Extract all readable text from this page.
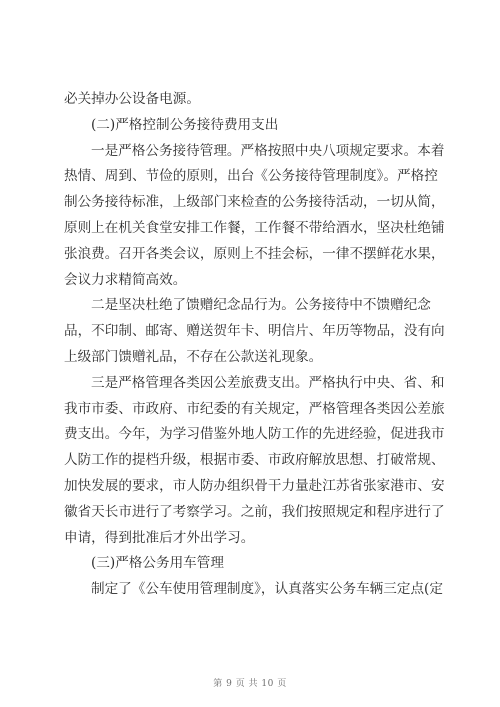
必关掉办公设备电源。
(二)严格控制公务接待费用支出
一是严格公务接待管理。严格按照中央八项规定要求。本着
热情、周到、节俭的原则，出台《公务接待管理制度》。严格控
制公务接待标准，上级部门来检查的公务接待活动，一切从简，
原则上在机关食堂安排工作餐，工作餐不带给酒水，坚决杜绝铺
张浪费。召开各类会议，原则上不挂会标，一律不摆鲜花水果，
会议力求精简高效。
二是坚决杜绝了馈赠纪念品行为。公务接待中不馈赠纪念
品，不印制、邮寄、赠送贺年卡、明信片、年历等物品，没有向
上级部门馈赠礼品，不存在公款送礼现象。
三是严格管理各类因公差旅费支出。严格执行中央、省、和
我市市委、市政府、市纪委的有关规定，严格管理各类因公差旅
费支出。今年，为学习借鉴外地人防工作的先进经验，促进我市
人防工作的提档升级，根据市委、市政府解放思想、打破常规、
加快发展的要求，市人防办组织骨干力量赴江苏省张家港市、安
徽省天长市进行了考察学习。之前，我们按照规定和程序进行了
申请，得到批准后才外出学习。
(三)严格公务用车管理
制定了《公车使用管理制度》，认真落实公务车辆三定点(定
第 9 页 共 10 页
